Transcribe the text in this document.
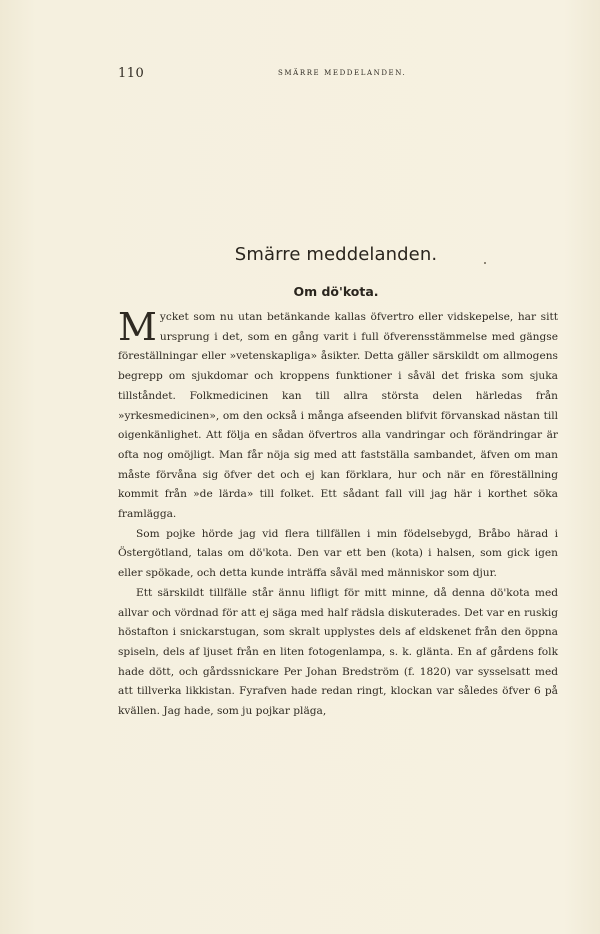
110	SMÄRRE MEDDELANDEN.
Smärre meddelanden.
Om dö'kota.

Mycket som nu utan betänkande kallas öfvertro eller vidskepelse, har sitt ursprung i det, som en gång varit i full öfverensstämmelse med gängse föreställningar eller »vetenskapliga» åsikter. Detta gäller särskildt om allmogens begrepp om sjukdomar och kroppens funktioner i såväl det friska som sjuka tillståndet. Folkmedicinen kan till allra största delen härledas från »yrkesmedicinen», om den också i många afseenden blifvit förvanskad nästan till oigenkänlighet. Att följa en sådan öfvertros alla vandringar och förändringar är ofta nog omöjligt. Man får nöja sig med att fastställa sambandet, äfven om man måste förvåna sig öfver det och ej kan förklara, hur och när en föreställning kommit från »de lärda» till folket. Ett sådant fall vill jag här i korthet söka framlägga.

Som pojke hörde jag vid flera tillfällen i min födelsebygd, Bråbo härad i Östergötland, talas om dö'kota. Den var ett ben (kota) i halsen, som gick igen eller spökade, och detta kunde inträffa såväl med människor som djur.

Ett särskildt tillfälle står ännu lifligt för mitt minne, då denna dö'kota med allvar och vördnad för att ej säga med half rädsla diskuterades. Det var en ruskig höstafton i snickarstugan, som skralt upplystes dels af eldskenet från den öppna spiseln, dels af ljuset från en liten fotogenlampa, s. k. glänta. En af gårdens folk hade dött, och gårdssnickare Per Johan Bredström (f. 1820) var sysselsatt med att tillverka likkistan. Fyrafven hade redan ringt, klockan var således öfver 6 på kvällen. Jag hade, som ju pojkar pläga,
